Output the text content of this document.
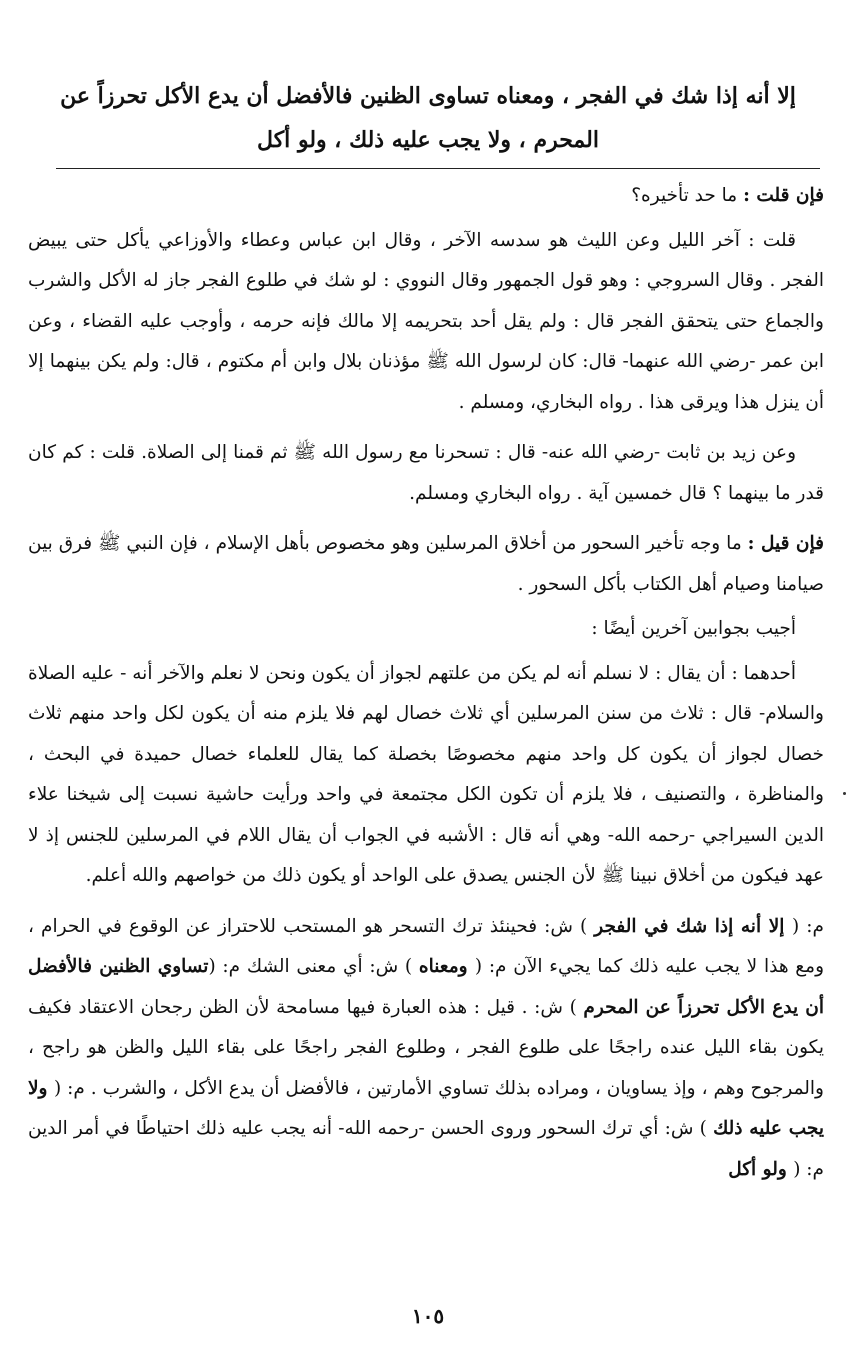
إلا أنه إذا شك في الفجر ، ومعناه تساوى الظنين فالأفضل أن يدع الأكل تحرزاً عن المحرم ، ولا يجب عليه ذلك ، ولو أكل

فإن قلت : ما حد تأخيره؟

قلت : آخر الليل وعن الليث هو سدسه الآخر ، وقال ابن عباس وعطاء والأوزاعي يأكل حتى يبيض الفجر . وقال السروجي : وهو قول الجمهور وقال النووي : لو شك في طلوع الفجر جاز له الأكل والشرب والجماع حتى يتحقق الفجر قال : ولم يقل أحد بتحريمه إلا مالك فإنه حرمه ، وأوجب عليه القضاء ، وعن ابن عمر -رضي الله عنهما- قال: كان لرسول الله ﷺ مؤذنان بلال وابن أم مكتوم ، قال: ولم يكن بينهما إلا أن ينزل هذا ويرقى هذا . رواه البخاري، ومسلم .

وعن زيد بن ثابت -رضي الله عنه- قال : تسحرنا مع رسول الله ﷺ ثم قمنا إلى الصلاة. قلت : كم كان قدر ما بينهما ؟ قال خمسين آية . رواه البخاري ومسلم.

فإن قيل : ما وجه تأخير السحور من أخلاق المرسلين وهو مخصوص بأهل الإسلام ، فإن النبي ﷺ فرق بين صيامنا وصيام أهل الكتاب بأكل السحور .

أجيب بجوابين آخرين أيضًا :

أحدهما : أن يقال : لا نسلم أنه لم يكن من علتهم لجواز أن يكون ونحن لا نعلم والآخر أنه - عليه الصلاة والسلام- قال : ثلاث من سنن المرسلين أي ثلاث خصال لهم فلا يلزم منه أن يكون لكل واحد منهم ثلاث خصال لجواز أن يكون كل واحد منهم مخصوصًا بخصلة كما يقال للعلماء خصال حميدة في البحث ، والمناظرة ، والتصنيف ، فلا يلزم أن تكون الكل مجتمعة في واحد ورأيت حاشية نسبت إلى شيخنا علاء الدين السيراجي -رحمه الله- وهي أنه قال : الأشبه في الجواب أن يقال اللام في المرسلين للجنس إذ لا عهد فيكون من أخلاق نبينا ﷺ لأن الجنس يصدق على الواحد أو يكون ذلك من خواصهم والله أعلم.

م: ( إلا أنه إذا شك في الفجر ) ش: فحينئذ ترك التسحر هو المستحب للاحتراز عن الوقوع في الحرام ، ومع هذا لا يجب عليه ذلك كما يجيء الآن م: ( ومعناه ) ش: أي معنى الشك م: (تساوي الظنين فالأفضل أن يدع الأكل تحرزاً عن المحرم ) ش: . قيل : هذه العبارة فيها مسامحة لأن الظن رجحان الاعتقاد فكيف يكون بقاء الليل عنده راجحًا على طلوع الفجر ، وطلوع الفجر راجحًا على بقاء الليل والظن هو راجح ، والمرجوح وهم ، وإذ يساويان ، ومراده بذلك تساوي الأمارتين ، فالأفضل أن يدع الأكل ، والشرب . م: ( ولا يجب عليه ذلك ) ش: أي ترك السحور وروى الحسن -رحمه الله- أنه يجب عليه ذلك احتياطًا في أمر الدين م: ( ولو أكل

١٠٥
